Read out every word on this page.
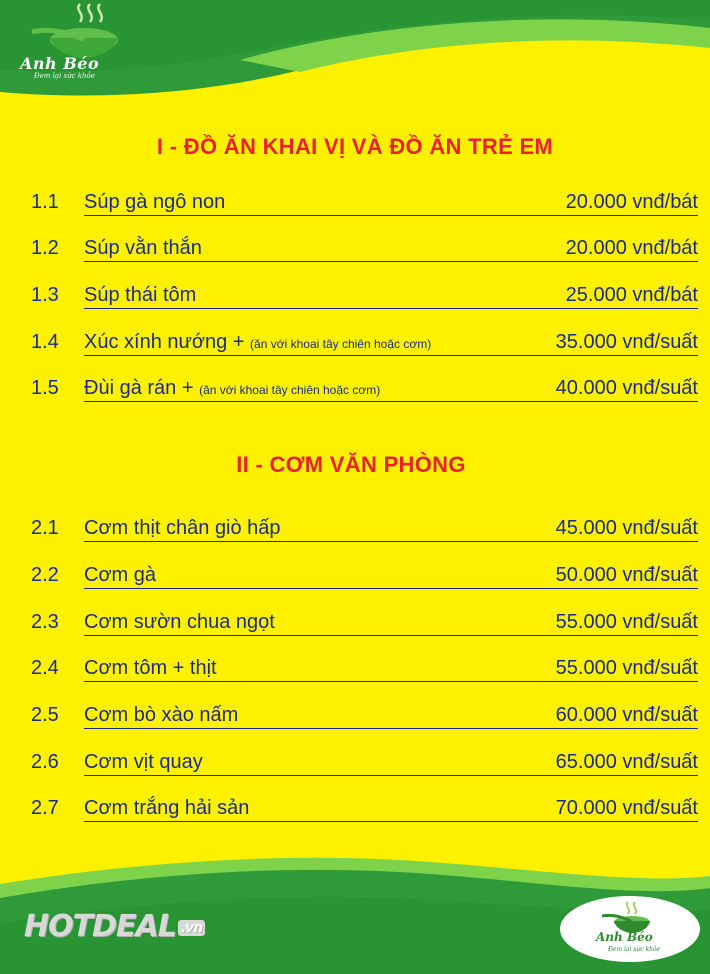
Anh Béo
Đem lại sức khỏe
I - ĐỒ ĂN KHAI VỊ VÀ ĐỒ ĂN TRẺ EM
1.1 Súp gà ngô non	20.000 vnđ/bát
1.2 Súp vằn thắn	20.000 vnđ/bát
1.3 Súp thái tôm	25.000 vnđ/bát
1.4 Xúc xính nướng + (ăn với khoai tây chiên hoặc cơm)	35.000 vnđ/suất
1.5 Đùi gà rán + (ăn với khoai tây chiên hoặc cơm)	40.000 vnđ/suất
II - CƠM VĂN PHÒNG
2.1 Cơm thịt chân giò hấp	45.000 vnđ/suất
2.2 Cơm gà	50.000 vnđ/suất
2.3 Cơm sườn chua ngọt	55.000 vnđ/suất
2.4 Cơm tôm + thịt	55.000 vnđ/suất
2.5 Cơm bò xào nấm	60.000 vnđ/suất
2.6 Cơm vịt quay	65.000 vnđ/suất
2.7 Cơm trắng hải sản	70.000 vnđ/suất
HOTDEAL .vn
Anh Béo
Đem lại sức khỏe
